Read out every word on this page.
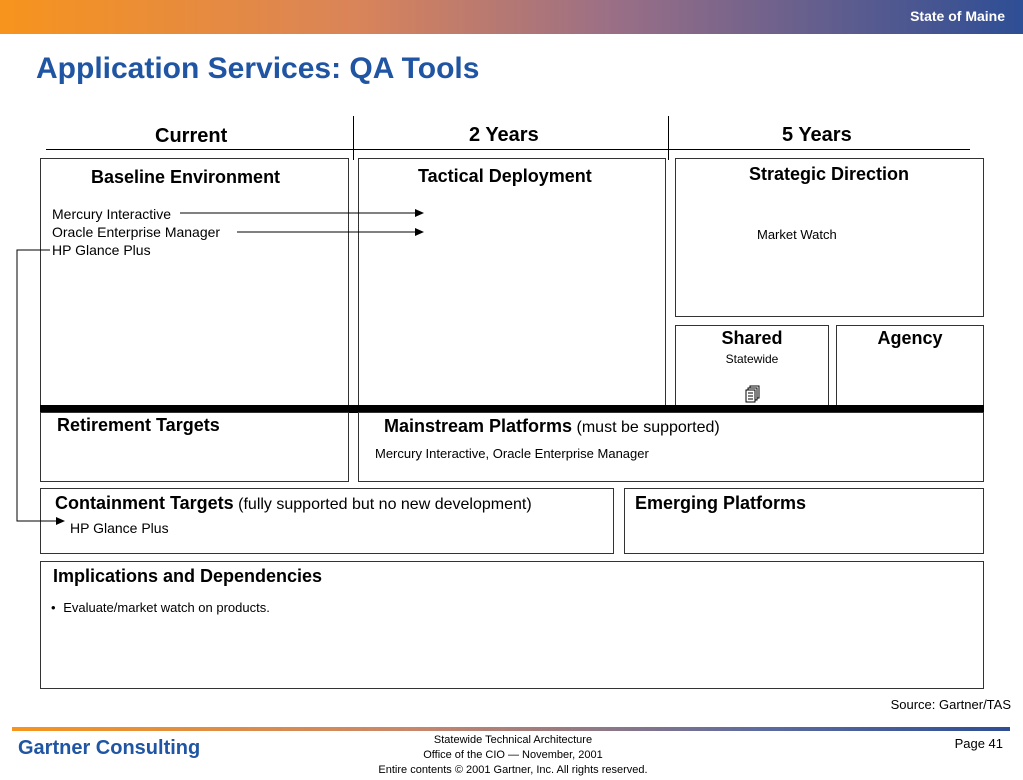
State of Maine
Application Services: QA Tools
Current	2 Years	5 Years
Baseline Environment
Mercury Interactive
Oracle Enterprise Manager
HP Glance Plus
Tactical Deployment	Strategic Direction
Market Watch
Shared
Statewide
Agency
Retirement Targets	Mainstream Platforms (must be supported)
Mercury Interactive, Oracle Enterprise Manager
Containment Targets (fully supported but no new development)
HP Glance Plus
Emerging Platforms
Implications and Dependencies
• Evaluate/market watch on products.
Source: Gartner/TAS
Gartner Consulting	Statewide Technical Architecture
Office of the CIO — November, 2001
Entire contents © 2001 Gartner, Inc. All rights reserved.
Page 41
